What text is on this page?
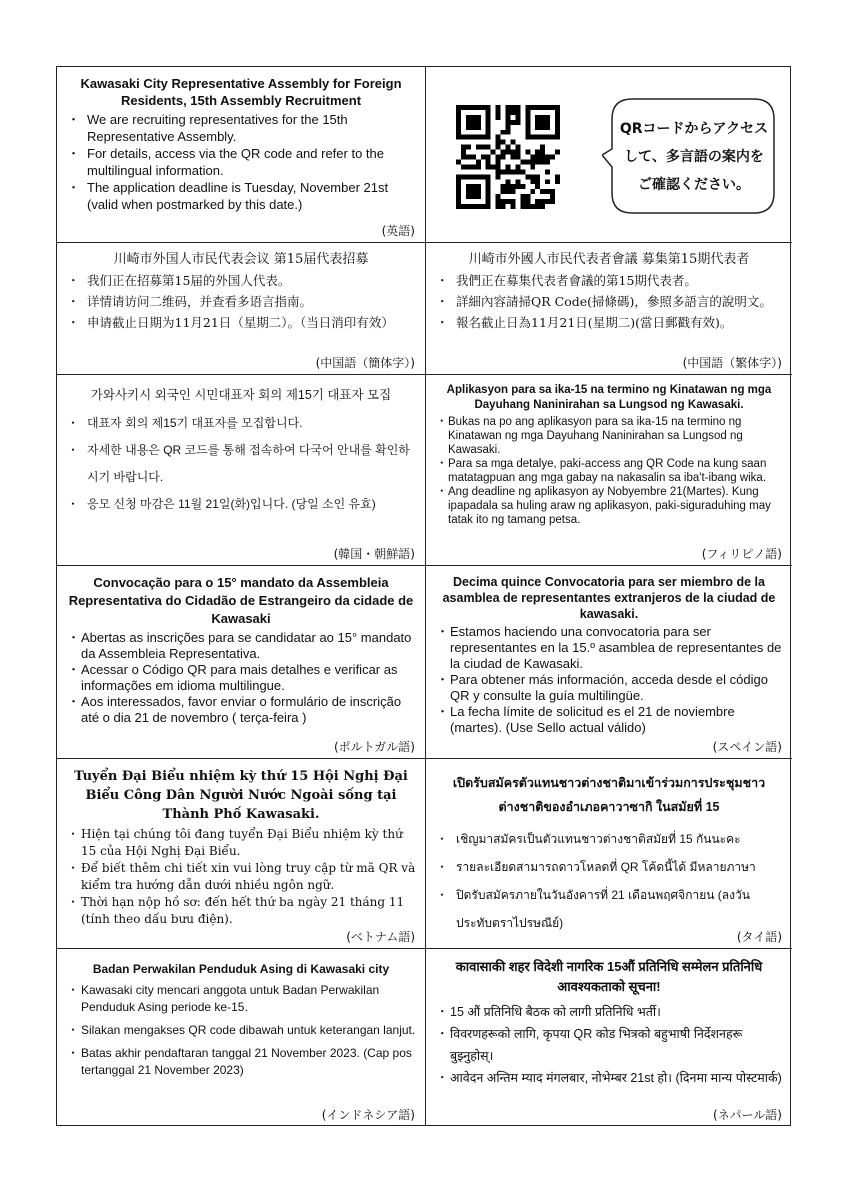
Kawasaki City Representative Assembly for Foreign Residents, 15th Assembly Recruitment
・ We are recruiting representatives for the 15th Representative Assembly.
・ For details, access via the QR code and refer to the multilingual information.
・ The application deadline is Tuesday, November 21st (valid when postmarked by this date.)
(英語)
QRコードからアクセス
して、多言語の案内を
ご確認ください。
川崎市外国人市民代表会议 第15届代表招募
・ 我们正在招募第15届的外国人代表。
・ 详情请访问二维码，并查看多语言指南。
・ 申请截止日期为11月21日（星期二）。（当日消印有效）
(中国語（簡体字）)
川崎市外國人市民代表者會議 募集第15期代表者
・ 我們正在募集代表者會議的第15期代表者。
・ 詳細內容請掃QR Code(掃條碼)，參照多語言的說明文。
・ 報名截止日為11月21日(星期二)(當日郵戳有效)。
(中国語（繁体字）)
가와사키시 외국인 시민대표자 회의 제15기 대표자 모집
・ 대표자 회의 제15기 대표자를 모집합니다.
・ 자세한 내용은 QR 코드를 통해 접속하여 다국어 안내를 확인하시기 바랍니다.
・ 응모 신청 마감은 11월 21일(화)입니다. (당일 소인 유효)
(韓国・朝鮮語)
Aplikasyon para sa ika-15 na termino ng Kinatawan ng mga Dayuhang Naninirahan sa Lungsod ng Kawasaki.
・ Bukas na po ang aplikasyon para sa ika-15 na termino ng Kinatawan ng mga Dayuhang Naninirahan sa Lungsod ng Kawasaki.
・ Para sa mga detalye, paki-access ang QR Code na kung saan matatagpuan ang mga gabay na nakasalin sa iba't-ibang wika.
・ Ang deadline ng aplikasyon ay Nobyembre 21(Martes). Kung ipapadala sa huling araw ng aplikasyon, paki-siguraduhing may tatak ito ng tamang petsa.
(フィリピノ語)
Convocação para o 15° mandato da Assembleia Representativa do Cidadão de Estrangeiro da cidade de Kawasaki
・ Abertas as inscrições para se candidatar ao 15° mandato da Assembleia Representativa.
・ Acessar o Código QR para mais detalhes e verificar as informações em idioma multilingue.
・ Aos interessados, favor enviar o formulário de inscrição até o dia 21 de novembro ( terça-feira )
(ポルトガル語)
Decima quince Convocatoria para ser miembro de la asamblea de representantes extranjeros de la ciudad de kawasaki.
・ Estamos haciendo una convocatoria para ser representantes en la 15.º asamblea de representantes de la ciudad de Kawasaki.
・ Para obtener más información, acceda desde el código QR y consulte la guía multilingüe.
・ La fecha límite de solicitud es el 21 de noviembre (martes). (Use Sello actual válido)
(スペイン語)
Tuyển Đại Biểu nhiệm kỳ thứ 15 Hội Nghị Đại Biểu Công Dân Người Nước Ngoài sống tại Thành Phố Kawasaki.
・ Hiện tại chúng tôi đang tuyển Đại Biểu nhiệm kỳ thứ 15 của Hội Nghị Đại Biểu.
・ Để biết thêm chi tiết xin vui lòng truy cập từ mã QR và kiểm tra hướng dẫn dưới nhiều ngôn ngữ.
・ Thời hạn nộp hồ sơ: đến hết thứ ba ngày 21 tháng 11 (tính theo dấu bưu điện).
(ベトナム語)
เปิดรับสมัครตัวแทนชาวต่างชาติมาเข้าร่วมการประชุมชาวต่างชาติของอำเภอคาวาซากิ ในสมัยที่ 15
・ เชิญมาสมัครเป็นตัวแทนชาวต่างชาติสมัยที่ 15 กันนะคะ
・ รายละเอียดสามารถดาวโหลดที่ QR โค้ดนี้ได้ มีหลายภาษา
・ ปิดรับสมัครภายในวันอังคารที่ 21 เดือนพฤศจิกายน (ลงวันประทับตราไปรษณีย์)
(タイ語)
Badan Perwakilan Penduduk Asing di Kawasaki city
・ Kawasaki city mencari anggota untuk Badan Perwakilan Penduduk Asing periode ke-15.
・ Silakan mengakses QR code dibawah untuk keterangan lanjut.
・ Batas akhir pendaftaran tanggal 21 November 2023. (Cap pos tertanggal 21 November 2023)
(インドネシア語)
कावासाकी शहर विदेशी नागरिक 15औं प्रतिनिधि सम्मेलन प्रतिनिधि आवश्यकताको सूचना!
・ 15 औं प्रतिनिधि बैठक को लागी प्रतिनिधि भर्ती।
・ विवरणहरूको लागि, कृपया QR कोड भित्रको बहुभाषी निर्देशनहरू बुझ्नुहोस्।
・ आवेदन अन्तिम म्याद मंगलबार, नोभेम्बर 21st हो। (दिनमा मान्य पोस्टमार्क)
(ネパール語)
